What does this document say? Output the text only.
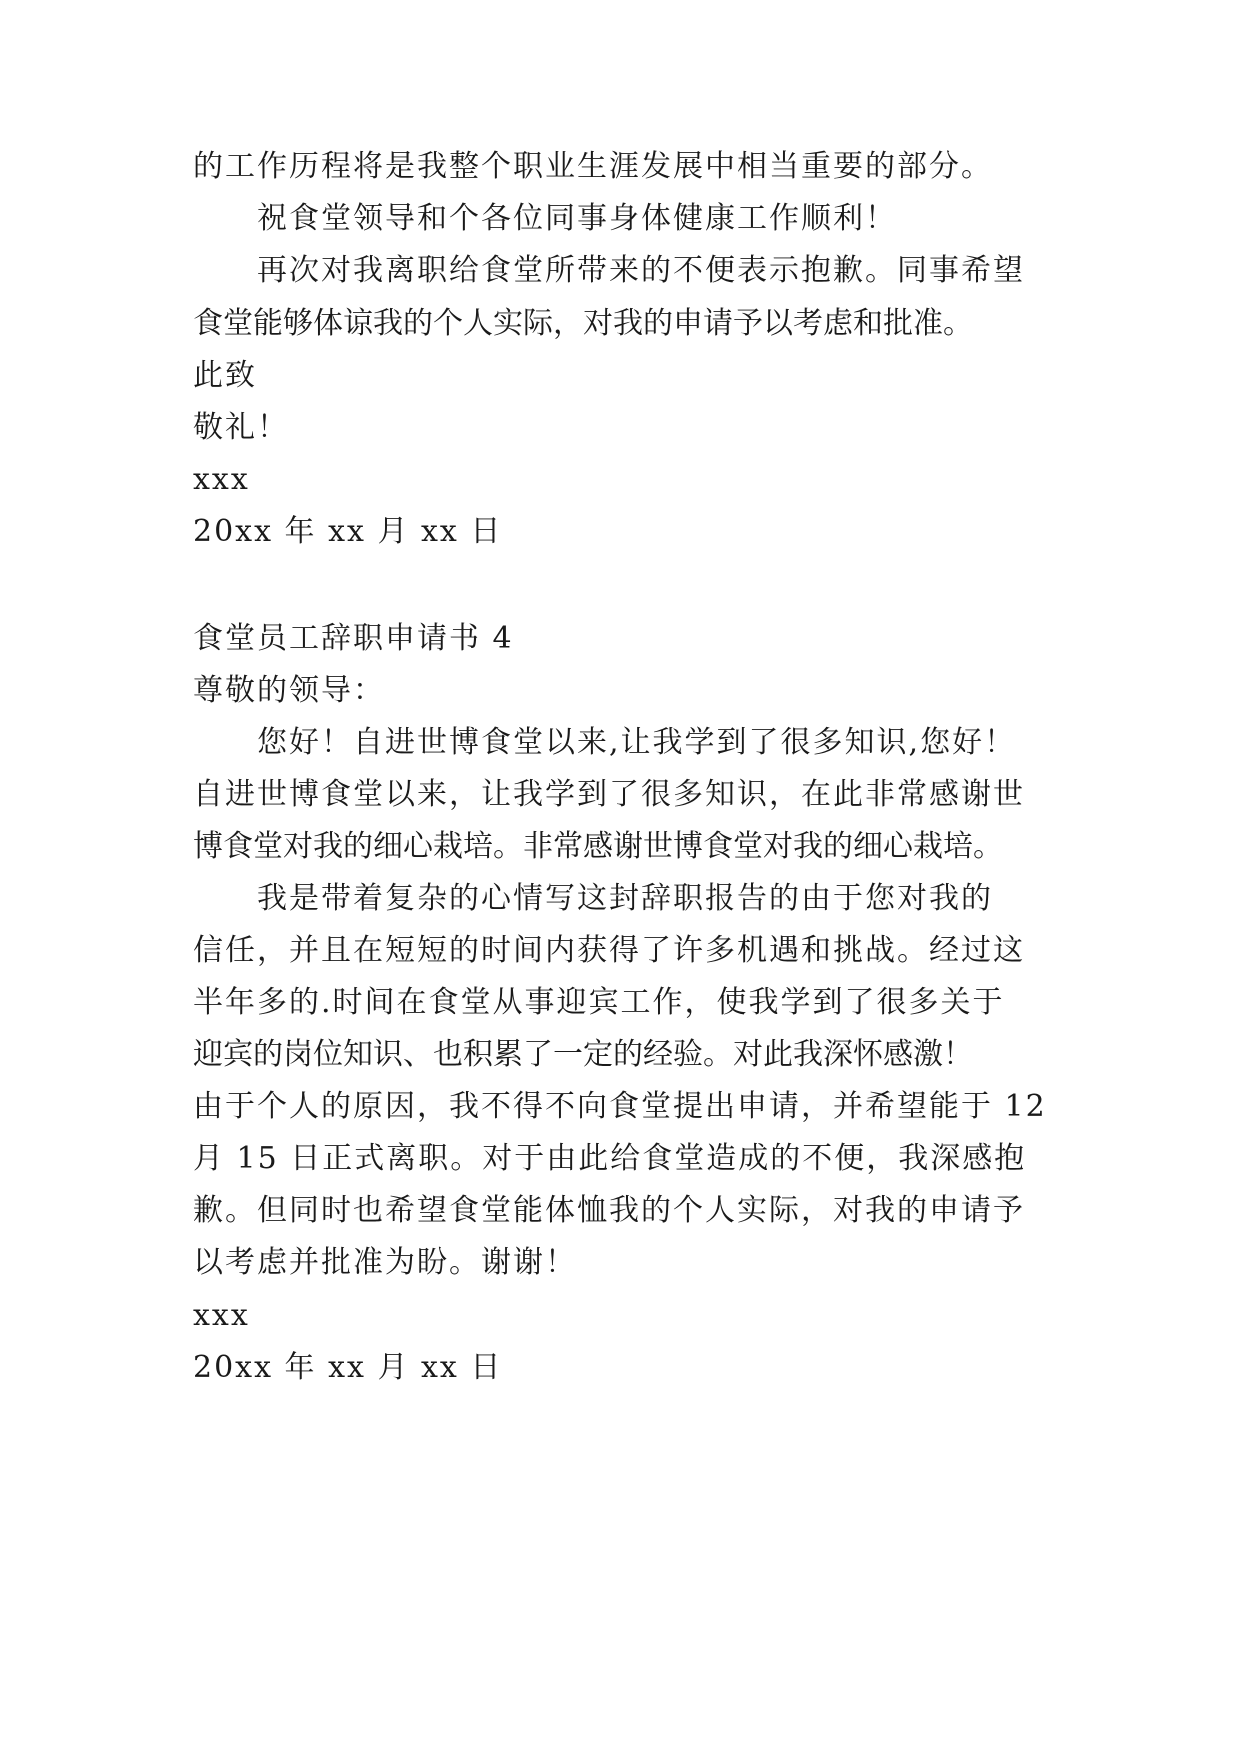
的工作历程将是我整个职业生涯发展中相当重要的部分。
祝食堂领导和个各位同事身体健康工作顺利！
再次对我离职给食堂所带来的不便表示抱歉。同事希望
食堂能够体谅我的个人实际，对我的申请予以考虑和批准。
此致
敬礼！
xxx
20xx 年 xx 月 xx 日
食堂员工辞职申请书 4
尊敬的领导：
您好！自进世博食堂以来,让我学到了很多知识,您好！
自进世博食堂以来，让我学到了很多知识，在此非常感谢世
博食堂对我的细心栽培。非常感谢世博食堂对我的细心栽培。
我是带着复杂的心情写这封辞职报告的由于您对我的
信任，并且在短短的时间内获得了许多机遇和挑战。经过这
半年多的.时间在食堂从事迎宾工作，使我学到了很多关于
迎宾的岗位知识、也积累了一定的经验。对此我深怀感激！
由于个人的原因，我不得不向食堂提出申请，并希望能于 12
月 15 日正式离职。对于由此给食堂造成的不便，我深感抱
歉。但同时也希望食堂能体恤我的个人实际，对我的申请予
以考虑并批准为盼。谢谢！
xxx
20xx 年 xx 月 xx 日
